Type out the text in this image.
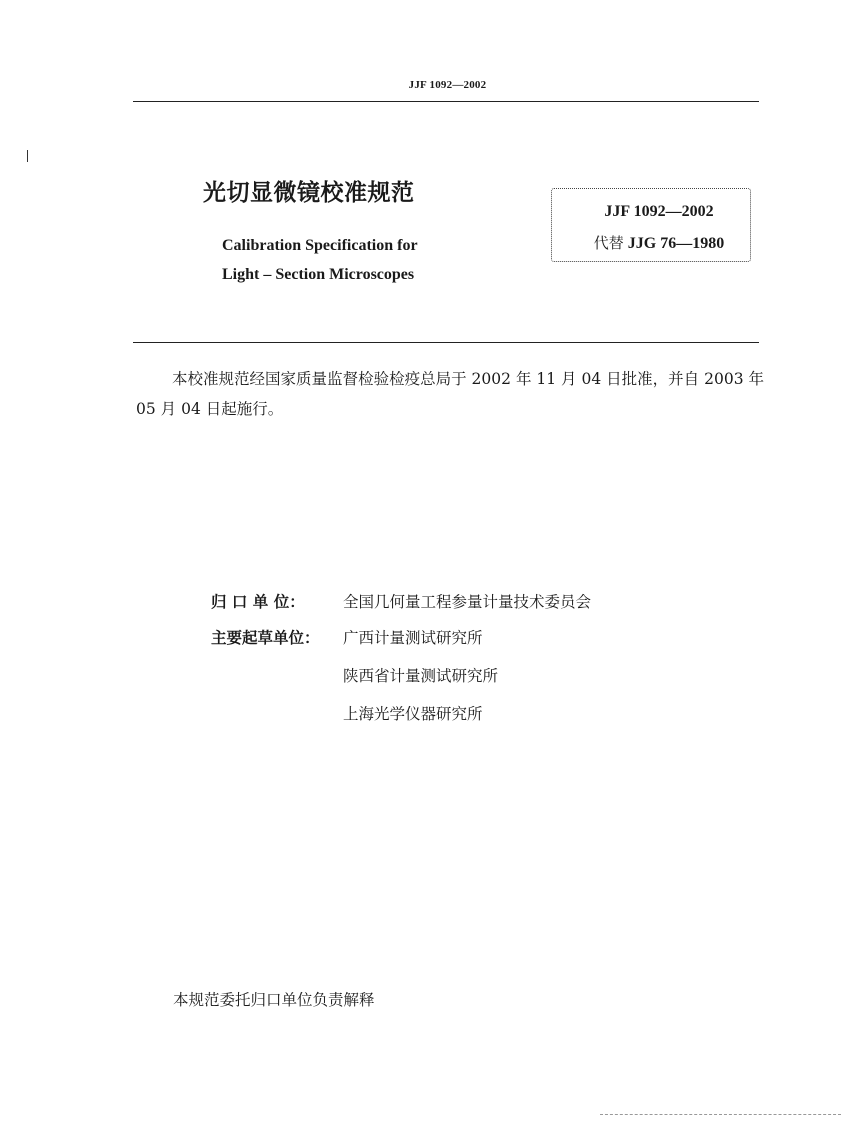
JJF 1092—2002
光切显微镜校准规范
Calibration Specification for
Light – Section Microscopes
JJF 1092—2002
代替 JJG 76—1980
本校准规范经国家质量监督检验检疫总局于 2002 年 11 月 04 日批准，并自 2003 年 05 月 04 日起施行。
归 口 单 位： 全国几何量工程参量计量技术委员会
主要起草单位： 广西计量测试研究所
陕西省计量测试研究所
上海光学仪器研究所
本规范委托归口单位负责解释
